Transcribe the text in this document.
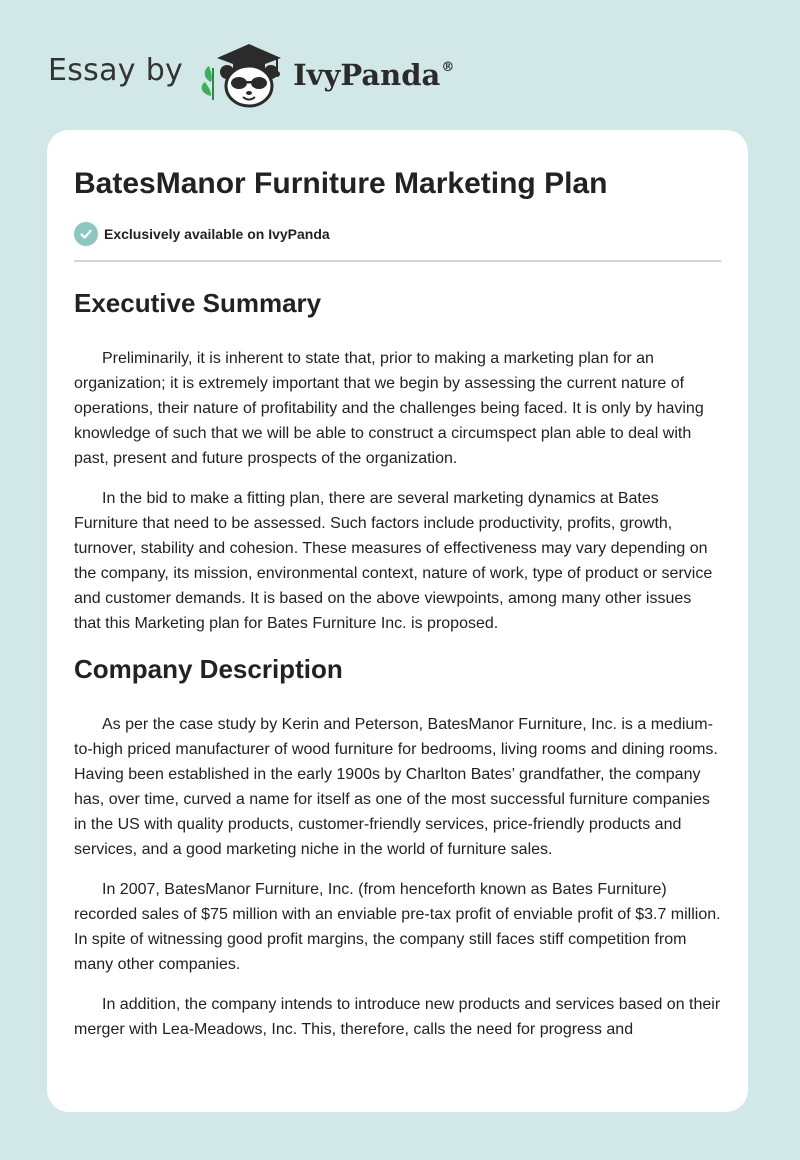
Essay by	IvyPanda®
BatesManor Furniture Marketing Plan
Exclusively available on IvyPanda
Executive Summary

Preliminarily, it is inherent to state that, prior to making a marketing plan for an organization; it is extremely important that we begin by assessing the current nature of operations, their nature of profitability and the challenges being faced. It is only by having knowledge of such that we will be able to construct a circumspect plan able to deal with past, present and future prospects of the organization.

In the bid to make a fitting plan, there are several marketing dynamics at Bates Furniture that need to be assessed. Such factors include productivity, profits, growth, turnover, stability and cohesion. These measures of effectiveness may vary depending on the company, its mission, environmental context, nature of work, type of product or service and customer demands. It is based on the above viewpoints, among many other issues that this Marketing plan for Bates Furniture Inc. is proposed.

Company Description

As per the case study by Kerin and Peterson, BatesManor Furniture, Inc. is a medium-to-high priced manufacturer of wood furniture for bedrooms, living rooms and dining rooms. Having been established in the early 1900s by Charlton Bates’ grandfather, the company has, over time, curved a name for itself as one of the most successful furniture companies in the US with quality products, customer-friendly services, price-friendly products and services, and a good marketing niche in the world of furniture sales.

In 2007, BatesManor Furniture, Inc. (from henceforth known as Bates Furniture) recorded sales of $75 million with an enviable pre-tax profit of enviable profit of $3.7 million. In spite of witnessing good profit margins, the company still faces stiff competition from many other companies.

In addition, the company intends to introduce new products and services based on their merger with Lea-Meadows, Inc. This, therefore, calls the need for progress and
